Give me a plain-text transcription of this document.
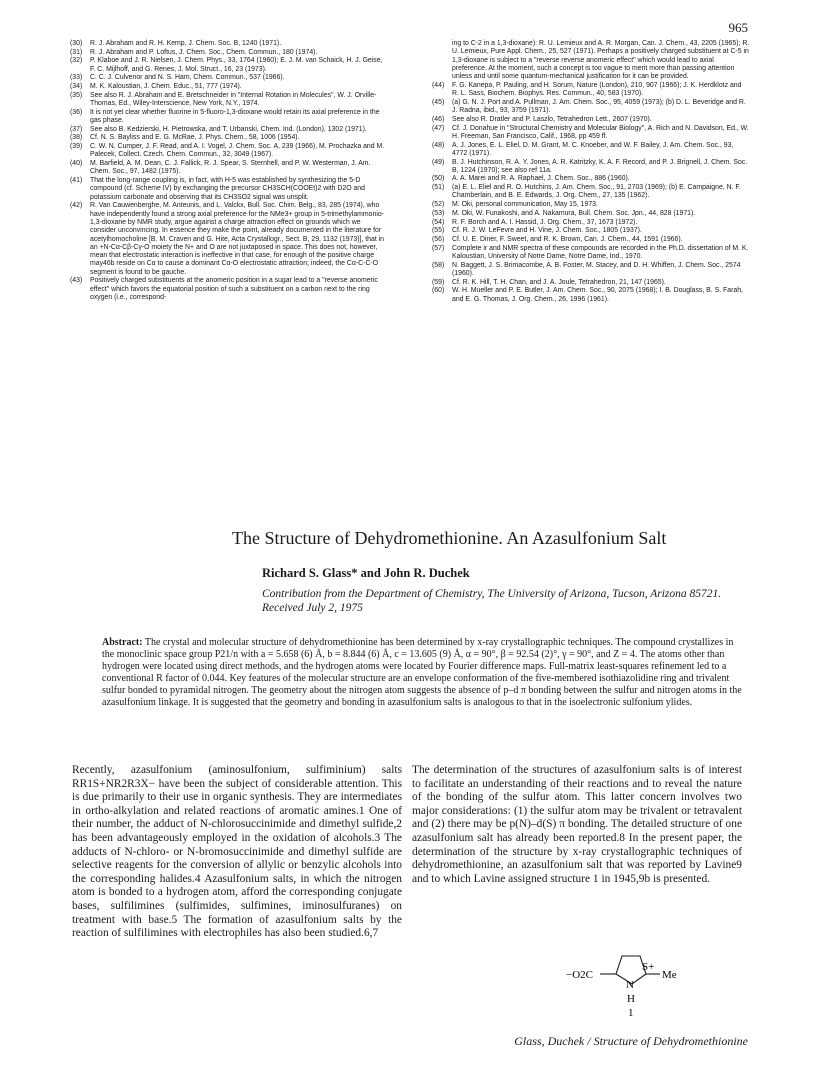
965
(30)	R. J. Abraham and R. H. Kemp, J. Chem. Soc. B, 1240 (1971).
(31)	R. J. Abraham and P. Loftus, J. Chem. Soc., Chem. Commun., 180 (1974).
(32)	P. Klaboe and J. R. Nielsen, J. Chem. Phys., 33, 1764 (1960); E. J. M. van Schaick, H. J. Geise, F. C. Mijlhoff, and G. Renes, J. Mol. Struct., 16, 23 (1973).
(33)	C. C. J. Culvenor and N. S. Ham, Chem. Commun., 537 (1966).
(34)	M. K. Kaloustian, J. Chem. Educ., 51, 777 (1974).
(35)	See also R. J. Abraham and E. Bretschneider in "Internal Rotation in Molecules", W. J. Orville-Thomas, Ed., Wiley-Interscience, New York, N.Y., 1974.
(36)	It is not yet clear whether fluorine in 5-fluoro-1,3-dioxane would retain its axial preference in the gas phase.
(37)	See also B. Kedzierski, H. Pietrowska, and T. Urbanski, Chem. Ind. (London), 1302 (1971).
(38)	Cf. N. S. Bayliss and E. G. McRae, J. Phys. Chem., 58, 1006 (1954).
(39)	C. W. N. Cumper, J. F. Read, and A. I. Vogel, J. Chem. Soc. A, 239 (1966), M. Prochazka and M. Palecek, Collect. Czech. Chem. Commun., 32, 3049 (1967).
(40)	M. Barfield, A. M. Dean, C. J. Fallick, R. J. Spear, S. Sternhell, and P. W. Westerman, J. Am. Chem. Soc., 97, 1482 (1975).
(41)	That the long-range coupling is, in fact, with H-5 was established by synthesizing the 5-D compound (cf. Scheme IV) by exchanging the precursor CH3SCH(COOEt)2 with D2O and potassium carbonate and observing that its CH3SO2 signal was unsplit.
(42)	R. Van Cauwenberghe, M. Anteunis, and L. Valckx, Bull. Soc. Chim. Belg., 83, 285 (1974), who have independently found a strong axial preference for the NMe3+ group in 5-trimethylammonio-1,3-dioxane by NMR study, argue against a charge attraction effect on grounds which we consider unconvincing. In essence they make the point, already documented in the literature for acetylhomocholine [B. M. Craven and G. Hite, Acta Crystallogr., Sect. B, 29, 1132 (1973)], that in an +N-Cα-Cβ-Cγ-O moiety the N+ and O are not juxtaposed in space. This does not, however, mean that electrostatic interaction is ineffective in that case, for enough of the positive charge may46b reside on Cα to cause a dominant Cα-O electrostatic attraction; indeed, the Cα-C-C-O segment is found to be gauche.
(43)	Positively charged substituents at the anomeric position in a sugar lead to a "reverse anomeric effect" which favors the equatorial position of such a substituent on a carbon next to the ring oxygen (i.e., correspond-
ing to C-2 in a 1,3-dioxane): R. U. Lemieux and A. R. Morgan, Can. J. Chem., 43, 2205 (1965); R. U. Lemieux, Pure Appl. Chem., 25, 527 (1971). Perhaps a positively charged substituent at C-5 in 1,3-dioxane is subject to a "reverse reverse anomeric effect" which would lead to axial preference. At the moment, such a concept is too vague to merit more than passing attention unless and until some quantum-mechanical justification for it can be provided.
(44)	F. G. Kanepa, P. Pauling, and H. Sorum, Nature (London), 210, 907 (1966); J. K. Herdklotz and R. L. Sass, Biochem. Biophys. Res. Commun., 40, 583 (1970).
(45)	(a) G. N. J. Port and A. Pullman, J. Am. Chem. Soc., 95, 4059 (1973); (b) D. L. Beveridge and R. J. Radna, ibid., 93, 3759 (1971).
(46)	See also R. Dratler and P. Laszlo, Tetrahedron Lett., 2607 (1970).
(47)	Cf. J. Donahue in "Structural Chemistry and Molecular Biology", A. Rich and N. Davidson, Ed., W. H. Freeman, San Francisco, Calif., 1968, pp 459 ff.
(48)	A. J. Jones, E. L. Eliel, D. M. Grant, M. C. Knoeber, and W. F. Bailey, J. Am. Chem. Soc., 93, 4772 (1971).
(49)	B. J. Hutchinson, R. A. Y. Jones, A. R. Katritzky, K. A. F. Record, and P. J. Brignell, J. Chem. Soc. B, 1224 (1970); see also ref 11a.
(50)	A. A. Marei and R. A. Raphael, J. Chem. Soc., 886 (1960).
(51)	(a) E. L. Eliel and R. O. Hutchins, J. Am. Chem. Soc., 91, 2703 (1969); (b) E. Campaigne, N. F. Chamberlain, and B. E. Edwards, J. Org. Chem., 27, 135 (1962).
(52)	M. Oki, personal communication, May 15, 1973.
(53)	M. Oki, W. Funakoshi, and A. Nakamura, Bull. Chem. Soc. Jpn., 44, 828 (1971).
(54)	R. F. Borch and A. I. Hassid, J. Org. Chem., 37, 1673 (1972).
(55)	Cf. R. J. W. LeFevre and H. Vine, J. Chem. Soc., 1805 (1937).
(56)	Cf. U. E. Diner, F. Sweet, and R. K. Brown, Can. J. Chem., 44, 1591 (1966).
(57)	Complete ir and NMR spectra of these compounds are recorded in the Ph.D. dissertation of M. K. Kaloustian, University of Notre Dame, Notre Dame, Ind., 1970.
(58)	N. Baggett, J. S. Brimacombe, A. B. Foster, M. Stacey, and D. H. Whiffen, J. Chem. Soc., 2574 (1960).
(59)	Cf. R. K. Hill, T. H. Chan, and J. A. Joule, Tetrahedron, 21, 147 (1965).
(60)	W. H. Mueller and P. E. Butler, J. Am. Chem. Soc., 90, 2075 (1968); I. B. Douglass, B. S. Farah, and E. G. Thomas, J. Org. Chem., 26, 1996 (1961).
The Structure of Dehydromethionine. An Azasulfonium Salt
Richard S. Glass* and John R. Duchek
Contribution from the Department of Chemistry, The University of Arizona, Tucson, Arizona 85721. Received July 2, 1975
Abstract: The crystal and molecular structure of dehydromethionine has been determined by x-ray crystallographic techniques. The compound crystallizes in the monoclinic space group P21/n with a = 5.658 (6) Å, b = 8.844 (6) Å, c = 13.605 (9) Å, α = 90°, β = 92.54 (2)°, γ = 90°, and Z = 4. The atoms other than hydrogen were located using direct methods, and the hydrogen atoms were located by Fourier difference maps. Full-matrix least-squares refinement led to a conventional R factor of 0.044. Key features of the molecular structure are an envelope conformation of the five-membered isothiazolidine ring and trivalent sulfur bonded to pyramidal nitrogen. The geometry about the nitrogen atom suggests the absence of p–d π bonding between the sulfur and nitrogen atoms in the azasulfonium linkage. It is suggested that the geometry and bonding in azasulfonium salts is analogous to that in the isoelectronic sulfonium ylides.
Recently, azasulfonium (aminosulfonium, sulfiminium) salts RR1S+NR2R3X− have been the subject of considerable attention. This is due primarily to their use in organic synthesis. They are intermediates in ortho-alkylation and related reactions of aromatic amines.1 One of their number, the adduct of N-chlorosuccinimide and dimethyl sulfide,2 has been advantageously employed in the oxidation of alcohols.3 The adducts of N-chloro- or N-bromosuccinimide and dimethyl sulfide are selective reagents for the conversion of allylic or benzylic alcohols into the corresponding halides.4 Azasulfonium salts, in which the nitrogen atom is bonded to a hydrogen atom, afford the corresponding conjugate bases, sulfilimines (sulfimides, sulfimines, iminosulfuranes) on treatment with base.5 The formation of azasulfonium salts by the reaction of sulfilimines with electrophiles has also been studied.6,7
The determination of the structures of azasulfonium salts is of interest to facilitate an understanding of their reactions and to reveal the nature of the bonding of the sulfur atom. This latter concern involves two major considerations: (1) the sulfur atom may be trivalent or tetravalent and (2) there may be p(N)–d(S) π bonding. The detailed structure of one azasulfonium salt has already been reported.8 In the present paper, the determination of the structure by x-ray crystallographic techniques of dehydromethionine, an azasulfonium salt that was reported by Lavine9 and to which Lavine assigned structure 1 in 1945,9b is presented.
−O2C
N
S+
Me
H
1
Glass, Duchek / Structure of Dehydromethionine
